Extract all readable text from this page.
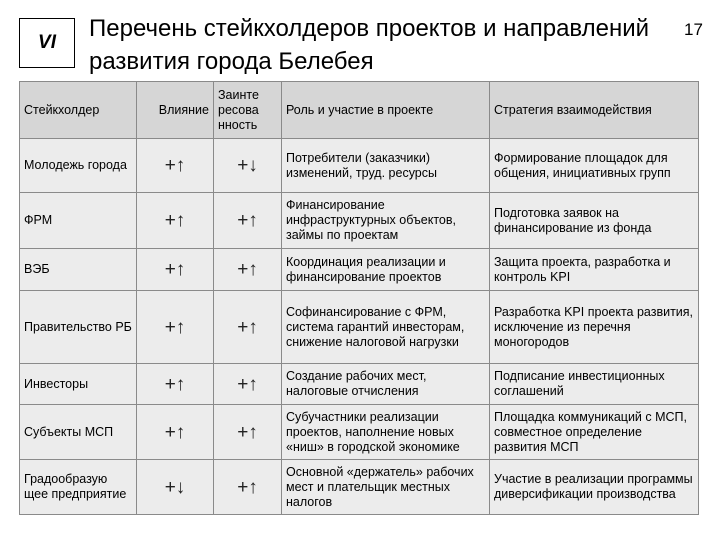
VI
Перечень стейкхолдеров проектов и направлений развития города Белебея
17
Стейкхолдер	Влияние	Заинте ресова нность	Роль и участие в проекте	Стратегия взаимодействия
Молодежь города	+↑	+↓	Потребители (заказчики) изменений, труд. ресурсы	Формирование площадок для общения, инициативных групп
ФРМ	+↑	+↑	Финансирование инфраструктурных объектов, займы по проектам	Подготовка заявок на финансирование из фонда
ВЭБ	+↑	+↑	Координация реализации и финансирование проектов	Защита проекта, разработка и контроль KPI
Правительство РБ	+↑	+↑	Софинансирование с ФРМ, система гарантий инвесторам, снижение налоговой нагрузки	Разработка KPI проекта развития, исключение из перечня моногородов
Инвесторы	+↑	+↑	Создание рабочих мест, налоговые отчисления	Подписание инвестиционных соглашений
Субъекты МСП	+↑	+↑	Субучастники реализации проектов, наполнение новых «ниш» в городской экономике	Площадка коммуникаций с МСП, совместное определение развития МСП
Градообразую щее предприятие	+↓	+↑	Основной «держатель» рабочих мест и плательщик местных налогов	Участие в реализации программы диверсификации производства
